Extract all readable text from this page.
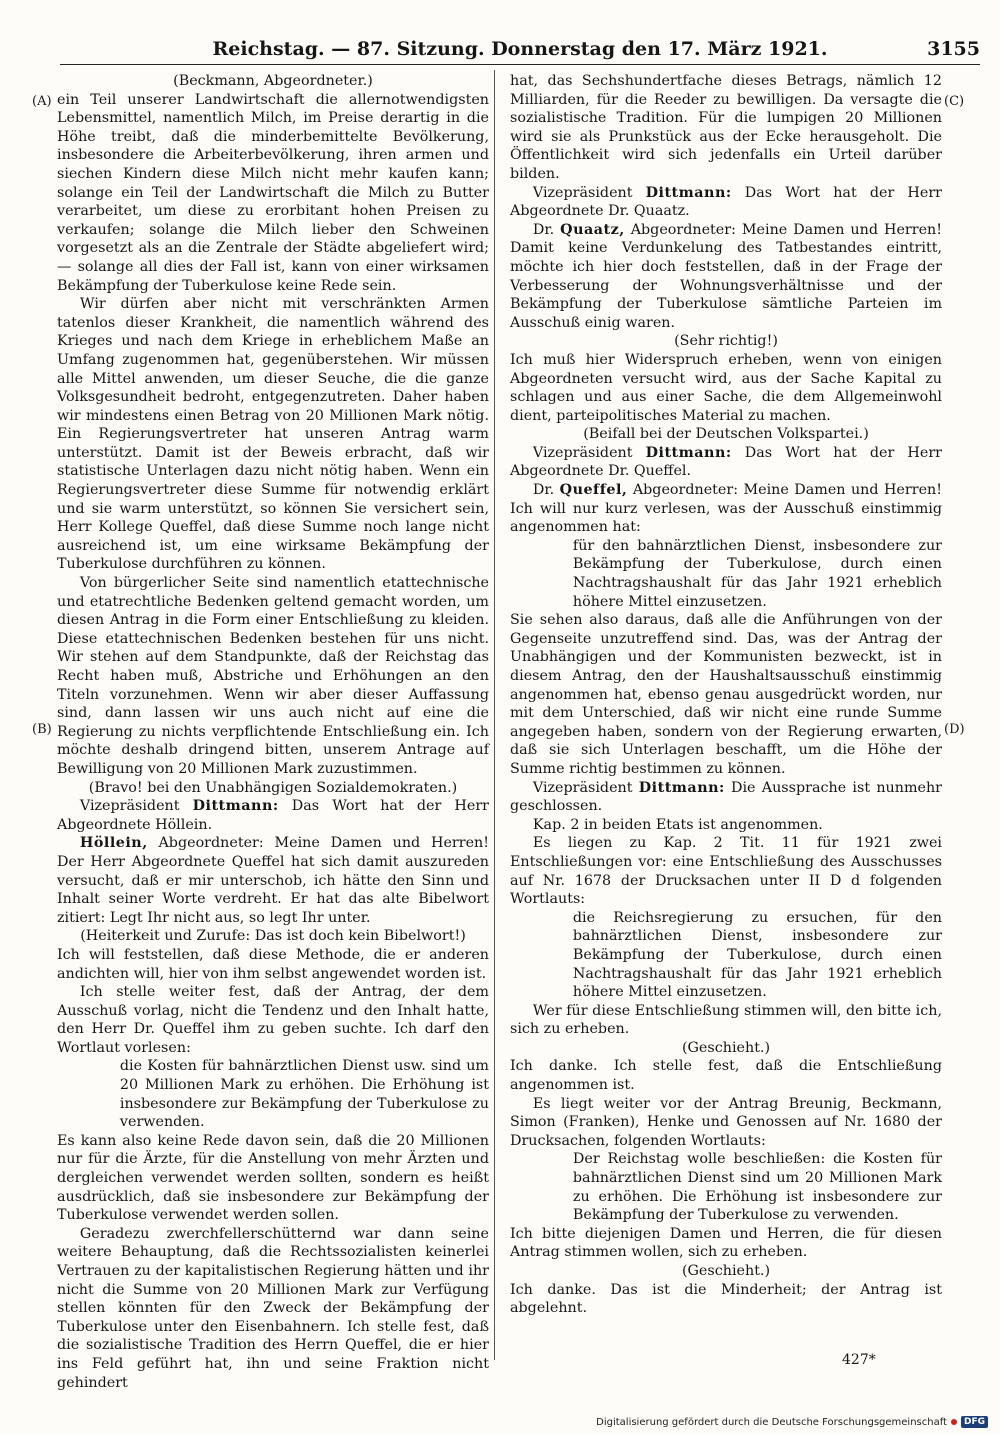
Reichstag. — 87. Sitzung. Donnerstag den 17. März 1921.	3155
(A)
(B)
(C)
(D)

(Beckmann, Abgeordneter.)

ein Teil unserer Landwirtschaft die allernotwendigsten Lebensmittel, namentlich Milch, im Preise derartig in die Höhe treibt, daß die minderbemittelte Bevölkerung, insbesondere die Arbeiterbevölkerung, ihren armen und siechen Kindern diese Milch nicht mehr kaufen kann; solange ein Teil der Landwirtschaft die Milch zu Butter verarbeitet, um diese zu erorbitant hohen Preisen zu verkaufen; solange die Milch lieber den Schweinen vorgesetzt als an die Zentrale der Städte abgeliefert wird; — solange all dies der Fall ist, kann von einer wirksamen Bekämpfung der Tuberkulose keine Rede sein.

Wir dürfen aber nicht mit verschränkten Armen tatenlos dieser Krankheit, die namentlich während des Krieges und nach dem Kriege in erheblichem Maße an Umfang zugenommen hat, gegenüberstehen. Wir müssen alle Mittel anwenden, um dieser Seuche, die die ganze Volksgesundheit bedroht, entgegenzutreten. Daher haben wir mindestens einen Betrag von 20 Millionen Mark nötig. Ein Regierungsvertreter hat unseren Antrag warm unterstützt. Damit ist der Beweis erbracht, daß wir statistische Unterlagen dazu nicht nötig haben. Wenn ein Regierungsvertreter diese Summe für notwendig erklärt und sie warm unterstützt, so können Sie versichert sein, Herr Kollege Queffel, daß diese Summe noch lange nicht ausreichend ist, um eine wirksame Bekämpfung der Tuberkulose durchführen zu können.

Von bürgerlicher Seite sind namentlich etattechnische und etatrechtliche Bedenken geltend gemacht worden, um diesen Antrag in die Form einer Entschließung zu kleiden. Diese etattechnischen Bedenken bestehen für uns nicht. Wir stehen auf dem Standpunkte, daß der Reichstag das Recht haben muß, Abstriche und Erhöhungen an den Titeln vorzunehmen. Wenn wir aber dieser Auffassung sind, dann lassen wir uns auch nicht auf eine die Regierung zu nichts verpflichtende Entschließung ein. Ich möchte deshalb dringend bitten, unserem Antrage auf Bewilligung von 20 Millionen Mark zuzustimmen.

(Bravo! bei den Unabhängigen Sozialdemokraten.)

Vizepräsident Dittmann: Das Wort hat der Herr Abgeordnete Höllein.

Höllein, Abgeordneter: Meine Damen und Herren! Der Herr Abgeordnete Queffel hat sich damit auszureden versucht, daß er mir unterschob, ich hätte den Sinn und Inhalt seiner Worte verdreht. Er hat das alte Bibelwort zitiert: Legt Ihr nicht aus, so legt Ihr unter.

(Heiterkeit und Zurufe: Das ist doch kein Bibelwort!)

Ich will feststellen, daß diese Methode, die er anderen andichten will, hier von ihm selbst angewendet worden ist.

Ich stelle weiter fest, daß der Antrag, der dem Ausschuß vorlag, nicht die Tendenz und den Inhalt hatte, den Herr Dr. Queffel ihm zu geben suchte. Ich darf den Wortlaut vorlesen:

die Kosten für bahnärztlichen Dienst usw. sind um 20 Millionen Mark zu erhöhen. Die Erhöhung ist insbesondere zur Bekämpfung der Tuberkulose zu verwenden.

Es kann also keine Rede davon sein, daß die 20 Millionen nur für die Ärzte, für die Anstellung von mehr Ärzten und dergleichen verwendet werden sollten, sondern es heißt ausdrücklich, daß sie insbesondere zur Bekämpfung der Tuberkulose verwendet werden sollen.

Geradezu zwerchfellerschütternd war dann seine weitere Behauptung, daß die Rechtssozialisten keinerlei Vertrauen zu der kapitalistischen Regierung hätten und ihr nicht die Summe von 20 Millionen Mark zur Verfügung stellen könnten für den Zweck der Bekämpfung der Tuberkulose unter den Eisenbahnern. Ich stelle fest, daß die sozialistische Tradition des Herrn Queffel, die er hier ins Feld geführt hat, ihn und seine Fraktion nicht gehindert

hat, das Sechshundertfache dieses Betrags, nämlich 12 Milliarden, für die Reeder zu bewilligen. Da versagte die sozialistische Tradition. Für die lumpigen 20 Millionen wird sie als Prunkstück aus der Ecke herausgeholt. Die Öffentlichkeit wird sich jedenfalls ein Urteil darüber bilden.

Vizepräsident Dittmann: Das Wort hat der Herr Abgeordnete Dr. Quaatz.

Dr. Quaatz, Abgeordneter: Meine Damen und Herren! Damit keine Verdunkelung des Tatbestandes eintritt, möchte ich hier doch feststellen, daß in der Frage der Verbesserung der Wohnungsverhältnisse und der Bekämpfung der Tuberkulose sämtliche Parteien im Ausschuß einig waren.

(Sehr richtig!)

Ich muß hier Widerspruch erheben, wenn von einigen Abgeordneten versucht wird, aus der Sache Kapital zu schlagen und aus einer Sache, die dem Allgemeinwohl dient, parteipolitisches Material zu machen.

(Beifall bei der Deutschen Volkspartei.)

Vizepräsident Dittmann: Das Wort hat der Herr Abgeordnete Dr. Queffel.

Dr. Queffel, Abgeordneter: Meine Damen und Herren! Ich will nur kurz verlesen, was der Ausschuß einstimmig angenommen hat:

für den bahnärztlichen Dienst, insbesondere zur Bekämpfung der Tuberkulose, durch einen Nachtragshaushalt für das Jahr 1921 erheblich höhere Mittel einzusetzen.

Sie sehen also daraus, daß alle die Anführungen von der Gegenseite unzutreffend sind. Das, was der Antrag der Unabhängigen und der Kommunisten bezweckt, ist in diesem Antrag, den der Haushaltsausschuß einstimmig angenommen hat, ebenso genau ausgedrückt worden, nur mit dem Unterschied, daß wir nicht eine runde Summe angegeben haben, sondern von der Regierung erwarten, daß sie sich Unterlagen beschafft, um die Höhe der Summe richtig bestimmen zu können.

Vizepräsident Dittmann: Die Aussprache ist nunmehr geschlossen.

Kap. 2 in beiden Etats ist angenommen.

Es liegen zu Kap. 2 Tit. 11 für 1921 zwei Entschließungen vor: eine Entschließung des Ausschusses auf Nr. 1678 der Drucksachen unter II D d folgenden Wortlauts:

die Reichsregierung zu ersuchen, für den bahnärztlichen Dienst, insbesondere zur Bekämpfung der Tuberkulose, durch einen Nachtragshaushalt für das Jahr 1921 erheblich höhere Mittel einzusetzen.

Wer für diese Entschließung stimmen will, den bitte ich, sich zu erheben.

(Geschieht.)

Ich danke. Ich stelle fest, daß die Entschließung angenommen ist.

Es liegt weiter vor der Antrag Breunig, Beckmann, Simon (Franken), Henke und Genossen auf Nr. 1680 der Drucksachen, folgenden Wortlauts:

Der Reichstag wolle beschließen: die Kosten für bahnärztlichen Dienst sind um 20 Millionen Mark zu erhöhen. Die Erhöhung ist insbesondere zur Bekämpfung der Tuberkulose zu verwenden.

Ich bitte diejenigen Damen und Herren, die für diesen Antrag stimmen wollen, sich zu erheben.

(Geschieht.)

Ich danke. Das ist die Minderheit; der Antrag ist abgelehnt.

427*
Digitalisierung gefördert durch die Deutsche Forschungsgemeinschaft	DFG
